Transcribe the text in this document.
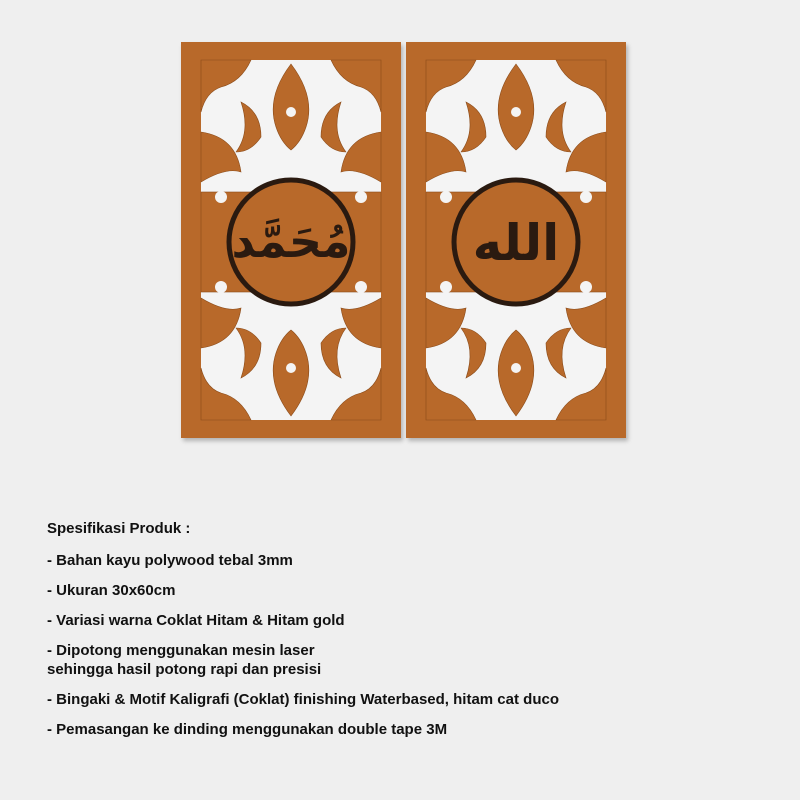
مُحَمَّد الله

Spesifikasi Produk :

- Bahan kayu polywood tebal 3mm
- Ukuran 30x60cm
- Variasi warna Coklat Hitam & Hitam gold
- Dipotong menggunakan mesin laser
sehingga hasil potong rapi dan presisi
- Bingaki & Motif Kaligrafi (Coklat) finishing Waterbased, hitam cat duco
- Pemasangan ke dinding menggunakan double tape 3M
